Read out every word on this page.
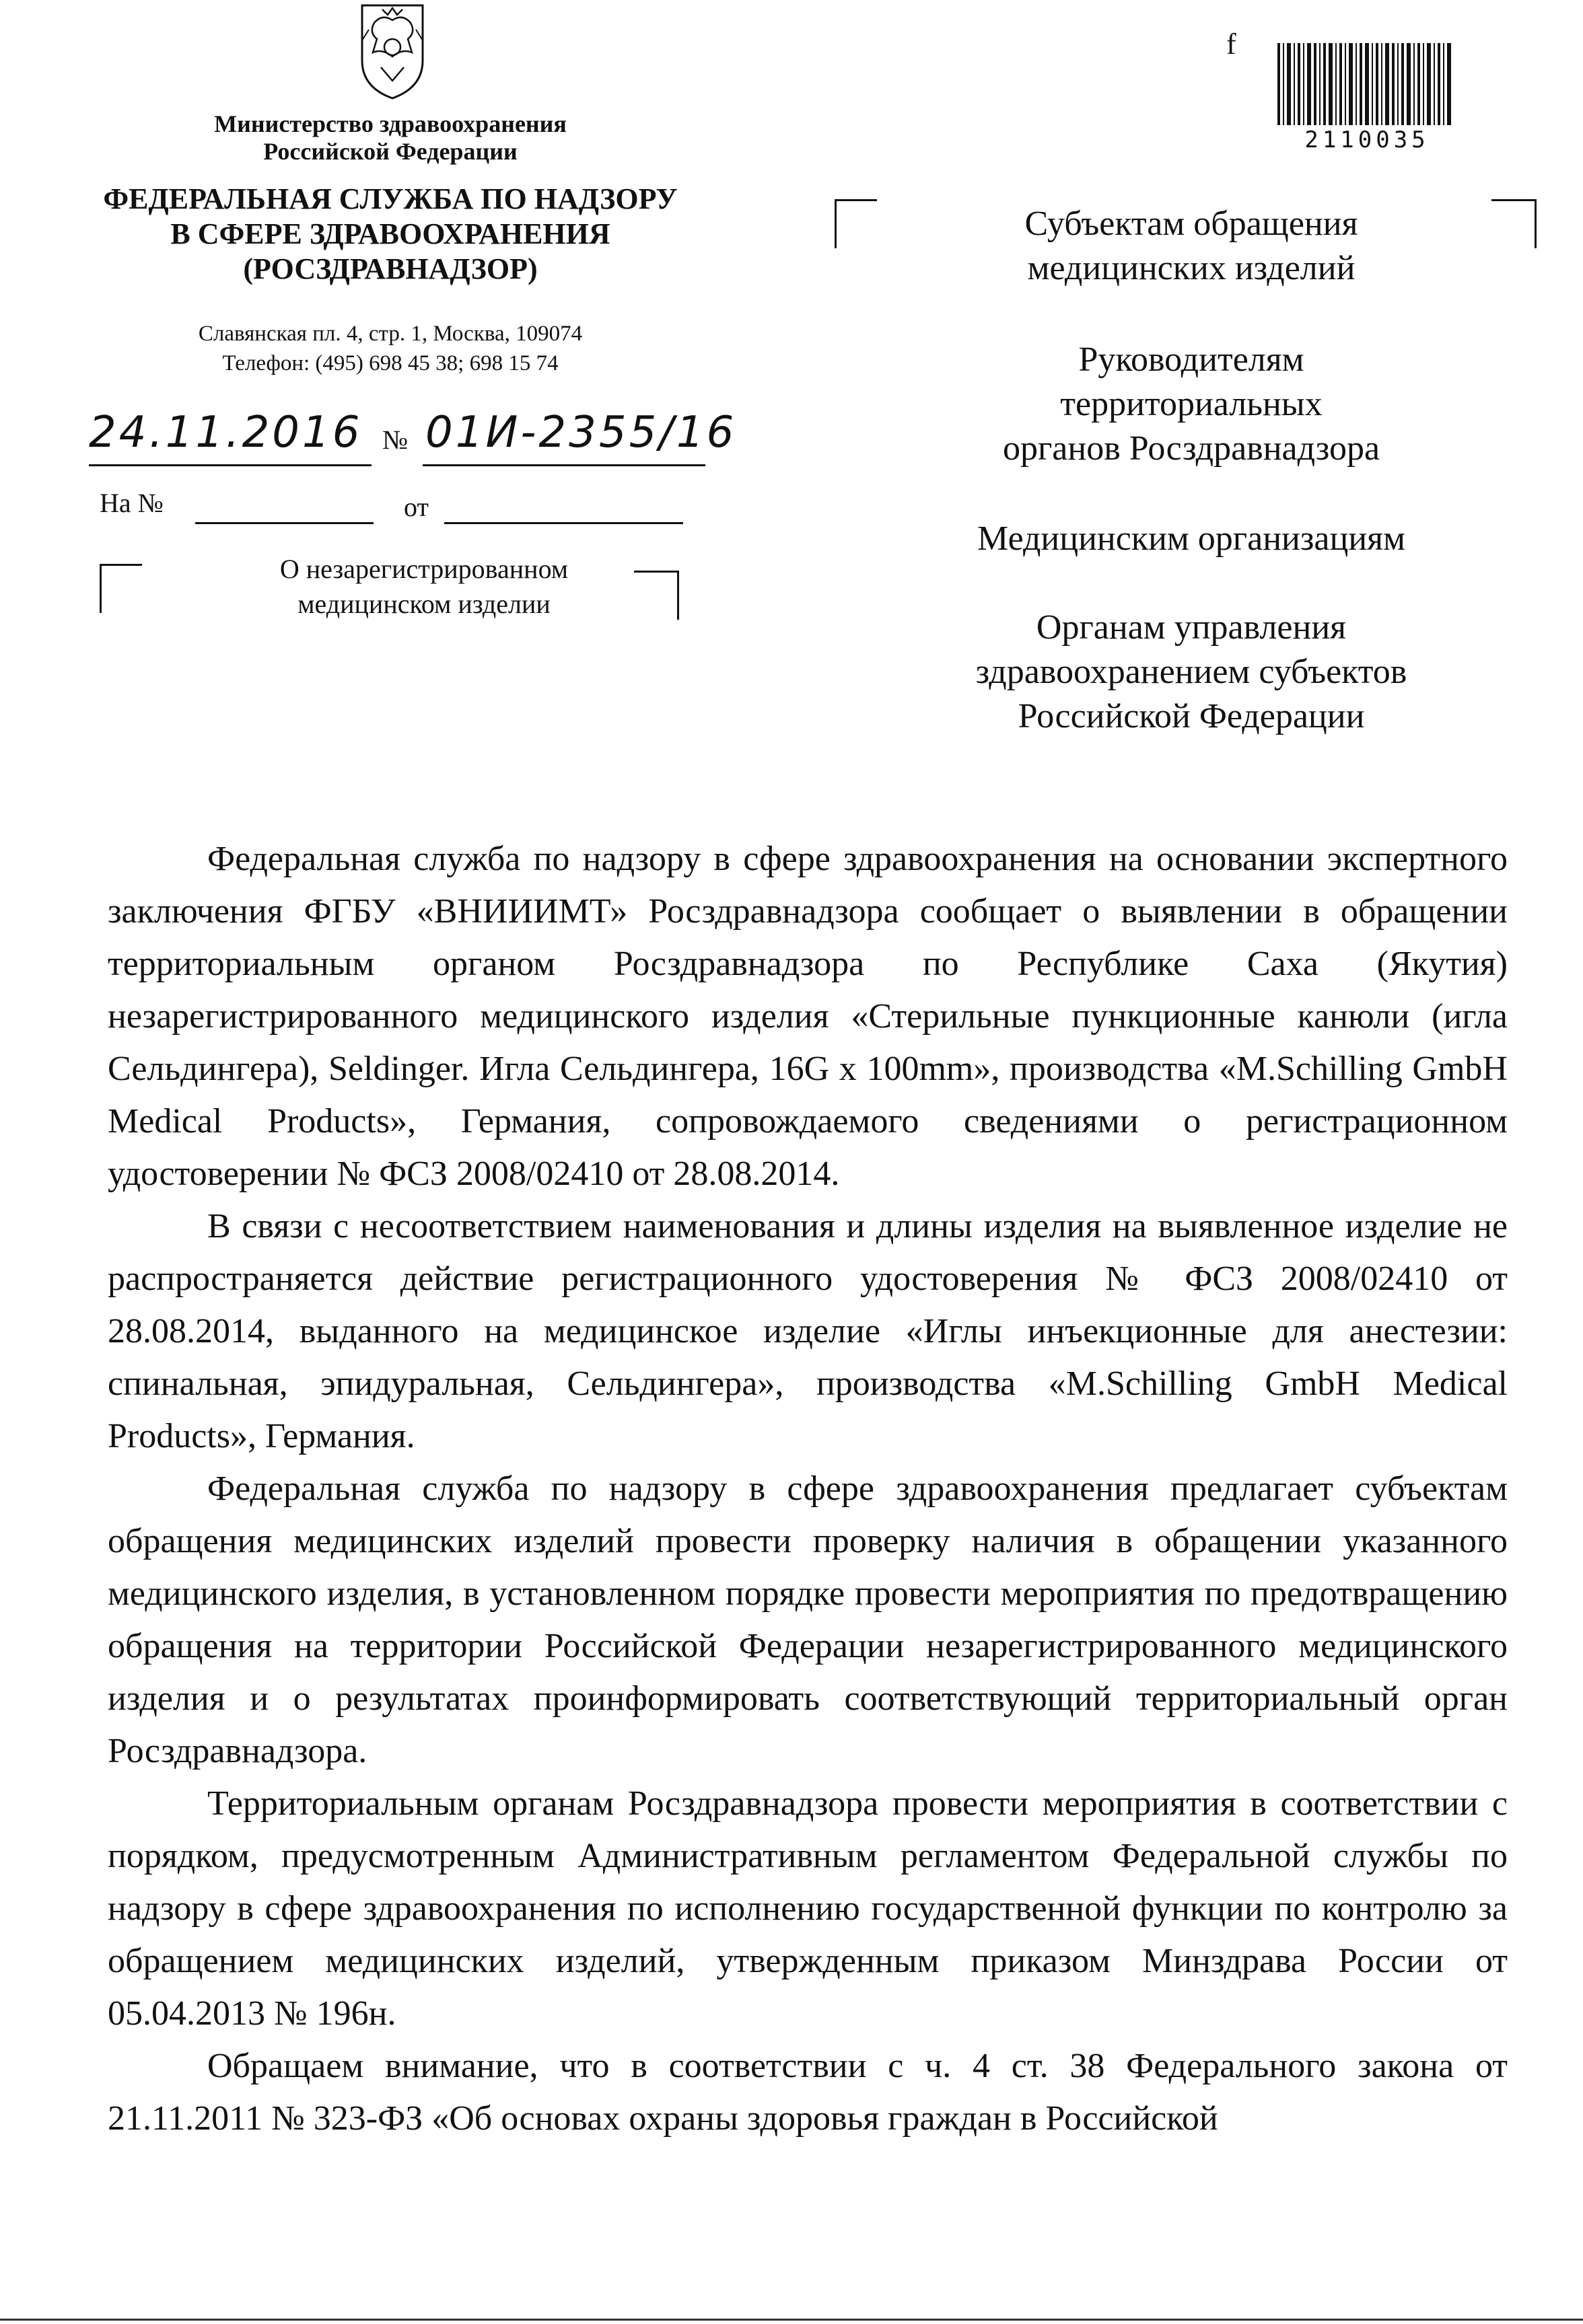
Министерство здравоохранения
Российской Федерации
ФЕДЕРАЛЬНАЯ СЛУЖБА ПО НАДЗОРУ
В СФЕРЕ ЗДРАВООХРАНЕНИЯ
(РОСЗДРАВНАДЗОР)
Славянская пл. 4, стр. 1, Москва, 109074
Телефон: (495) 698 45 38; 698 15 74
24.11.2016 № 01И-2355/16
На №	от
О незарегистрированном
медицинском изделии
f
2110035
Субъектам обращения
медицинских изделий
Руководителям
территориальных
органов Росздравнадзора
Медицинским организациям
Органам управления
здравоохранением субъектов
Российской Федерации

Федеральная служба по надзору в сфере здравоохранения на основании экспертного заключения ФГБУ «ВНИИИМТ» Росздравнадзора сообщает о выявлении в обращении территориальным органом Росздравнадзора по Республике Саха (Якутия) незарегистрированного медицинского изделия «Стерильные пункционные канюли (игла Сельдингера), Seldinger. Игла Сельдингера, 16G x 100mm», производства «M.Schilling GmbH Medical Products», Германия, сопровождаемого сведениями о регистрационном удостоверении № ФСЗ 2008/02410 от 28.08.2014.

В связи с несоответствием наименования и длины изделия на выявленное изделие не распространяется действие регистрационного удостоверения № ФСЗ 2008/02410 от 28.08.2014, выданного на медицинское изделие «Иглы инъекционные для анестезии: спинальная, эпидуральная, Сельдингера», производства «M.Schilling GmbH Medical Products», Германия.

Федеральная служба по надзору в сфере здравоохранения предлагает субъектам обращения медицинских изделий провести проверку наличия в обращении указанного медицинского изделия, в установленном порядке провести мероприятия по предотвращению обращения на территории Российской Федерации незарегистрированного медицинского изделия и о результатах проинформировать соответствующий территориальный орган Росздравнадзора.

Территориальным органам Росздравнадзора провести мероприятия в соответствии с порядком, предусмотренным Административным регламентом Федеральной службы по надзору в сфере здравоохранения по исполнению государственной функции по контролю за обращением медицинских изделий, утвержденным приказом Минздрава России от 05.04.2013 № 196н.

Обращаем внимание, что в соответствии с ч. 4 ст. 38 Федерального закона от 21.11.2011 № 323-ФЗ «Об основах охраны здоровья граждан в Российской
